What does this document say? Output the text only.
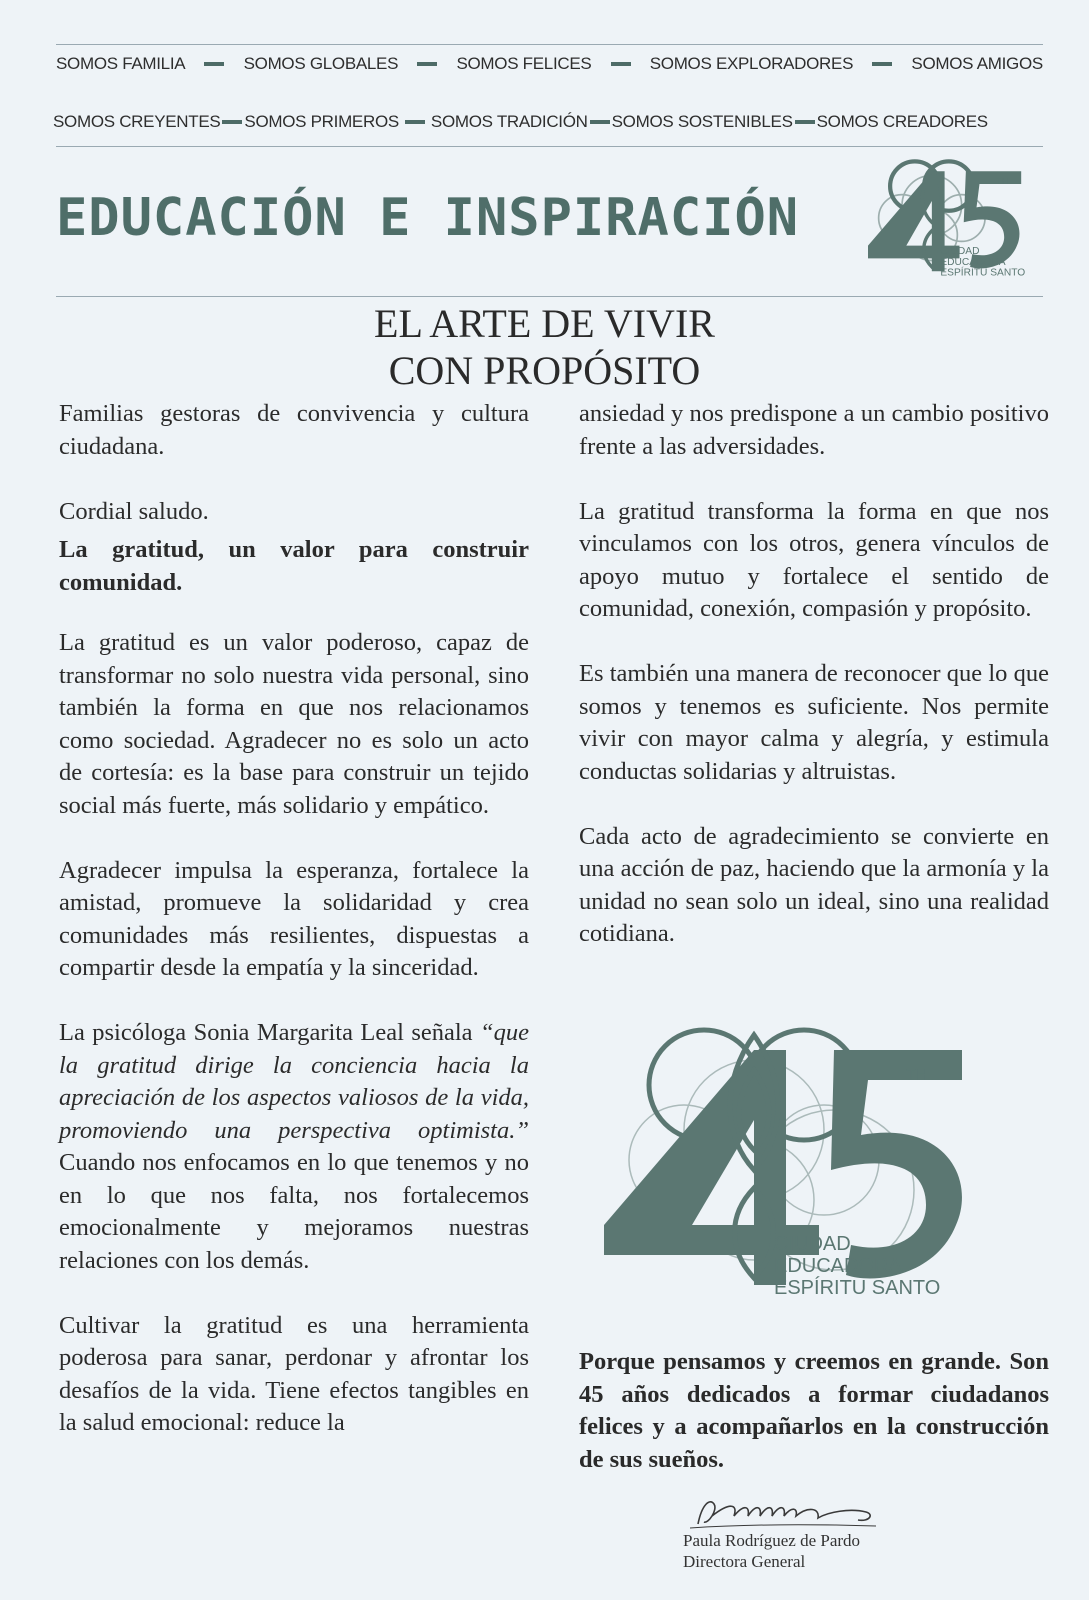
SOMOS FAMILIA	SOMOS GLOBALES	SOMOS FELICES	SOMOS EXPLORADORES	SOMOS AMIGOS
SOMOS CREYENTES SOMOS PRIMEROS SOMOS TRADICIÓN SOMOS SOSTENIBLES SOMOS CREADORES
EDUCACIÓN E INSPIRACIÓN
TH
CIUDAD
EDUCADORA
ESPÍRITU SANTO
EL ARTE DE VIVIR
CON PROPÓSITO

Familias gestoras de convivencia y cultura ciudadana.

Cordial saludo.

La gratitud, un valor para construir comunidad.

La gratitud es un valor poderoso, capaz de transformar no solo nuestra vida personal, sino también la forma en que nos relacionamos como sociedad. Agradecer no es solo un acto de cortesía: es la base para construir un tejido social más fuerte, más solidario y empático.

Agradecer impulsa la esperanza, fortalece la amistad, promueve la solidaridad y crea comunidades más resilientes, dispuestas a compartir desde la empatía y la sinceridad.

La psicóloga Sonia Margarita Leal señala “que la gratitud dirige la conciencia hacia la apreciación de los aspectos valiosos de la vida, promoviendo una perspectiva optimista.” Cuando nos enfocamos en lo que tenemos y no en lo que nos falta, nos fortalecemos emocionalmente y mejoramos nuestras relaciones con los demás.

Cultivar la gratitud es una herramienta poderosa para sanar, perdonar y afrontar los desafíos de la vida. Tiene efectos tangibles en la salud emocional: reduce la

ansiedad y nos predispone a un cambio positivo frente a las adversidades.

La gratitud transforma la forma en que nos vinculamos con los otros, genera vínculos de apoyo mutuo y fortalece el sentido de comunidad, conexión, compasión y propósito.

Es también una manera de reconocer que lo que somos y tenemos es suficiente. Nos permite vivir con mayor calma y alegría, y estimula conductas solidarias y altruistas.

Cada acto de agradecimiento se convierte en una acción de paz, haciendo que la armonía y la unidad no sean solo un ideal, sino una realidad cotidiana.

TH
CIUDAD
EDUCADORA
ESPÍRITU SANTO
Porque pensamos y creemos en grande. Son 45 años dedicados a formar ciudadanos felices y a acompañarlos en la construcción de sus sueños.
Paula Rodríguez de Pardo
Directora General
